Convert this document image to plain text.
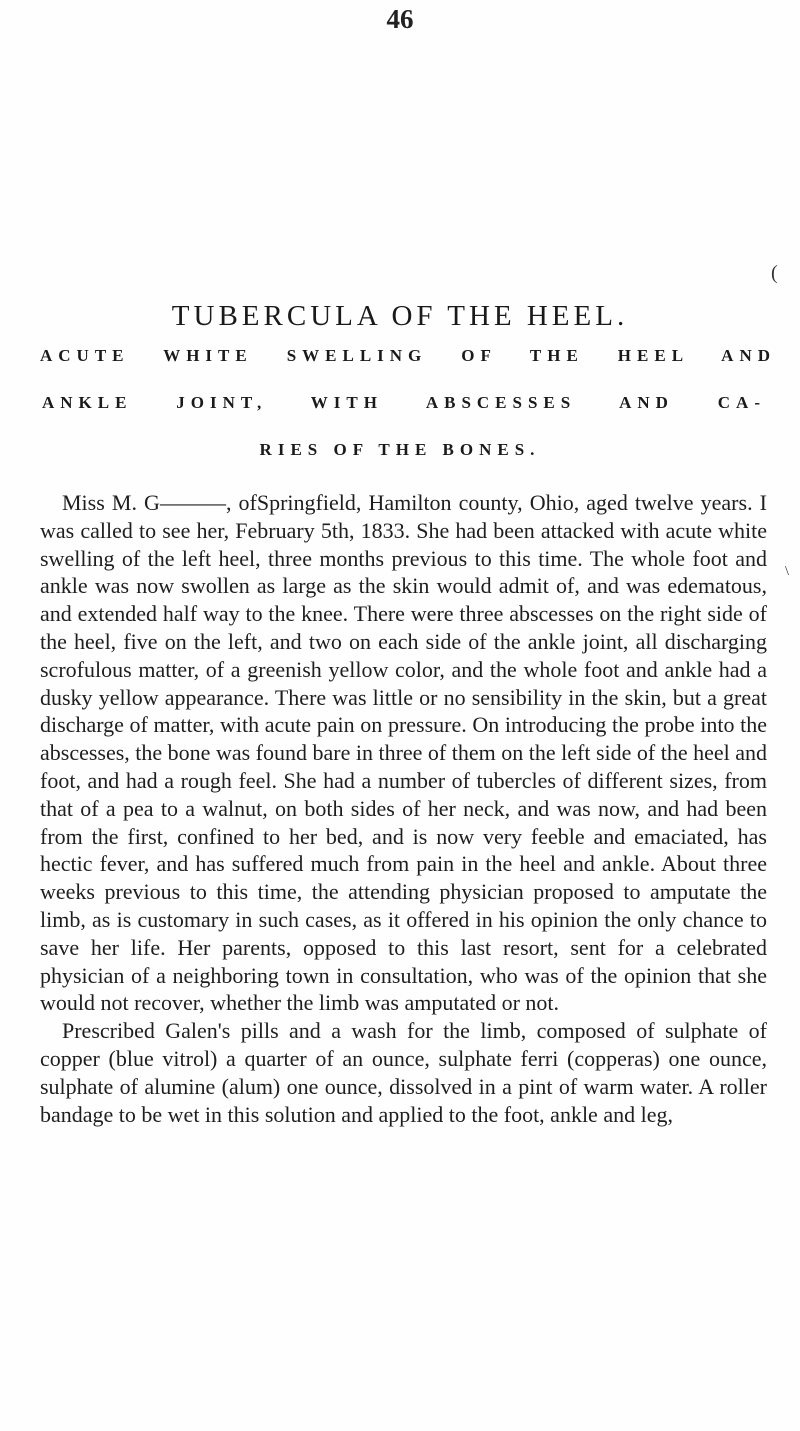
46
(
\
TUBERCULA OF THE HEEL.
ACUTE WHITE SWELLING OF THE HEEL AND
ANKLE JOINT, WITH ABSCESSES AND CA-
RIES OF THE BONES.

Miss M. G———, ofSpringfield, Hamilton county, Ohio, aged twelve years. I was called to see her, February 5th, 1833. She had been attacked with acute white swelling of the left heel, three months previous to this time. The whole foot and ankle was now swollen as large as the skin would admit of, and was edematous, and extended half way to the knee. There were three abscesses on the right side of the heel, five on the left, and two on each side of the ankle joint, all discharging scrofulous matter, of a greenish yellow color, and the whole foot and ankle had a dusky yellow appearance. There was little or no sensibility in the skin, but a great discharge of matter, with acute pain on pressure. On introducing the probe into the abscesses, the bone was found bare in three of them on the left side of the heel and foot, and had a rough feel. She had a number of tubercles of different sizes, from that of a pea to a walnut, on both sides of her neck, and was now, and had been from the first, confined to her bed, and is now very feeble and emaciated, has hectic fever, and has suffered much from pain in the heel and ankle. About three weeks previous to this time, the attending physician proposed to amputate the limb, as is customary in such cases, as it offered in his opinion the only chance to save her life. Her parents, opposed to this last resort, sent for a celebrated physician of a neighboring town in consultation, who was of the opinion that she would not recover, whether the limb was amputated or not.

Prescribed Galen's pills and a wash for the limb, composed of sulphate of copper (blue vitrol) a quarter of an ounce, sulphate ferri (copperas) one ounce, sulphate of alumine (alum) one ounce, dissolved in a pint of warm water. A roller bandage to be wet in this solution and applied to the foot, ankle and leg,
